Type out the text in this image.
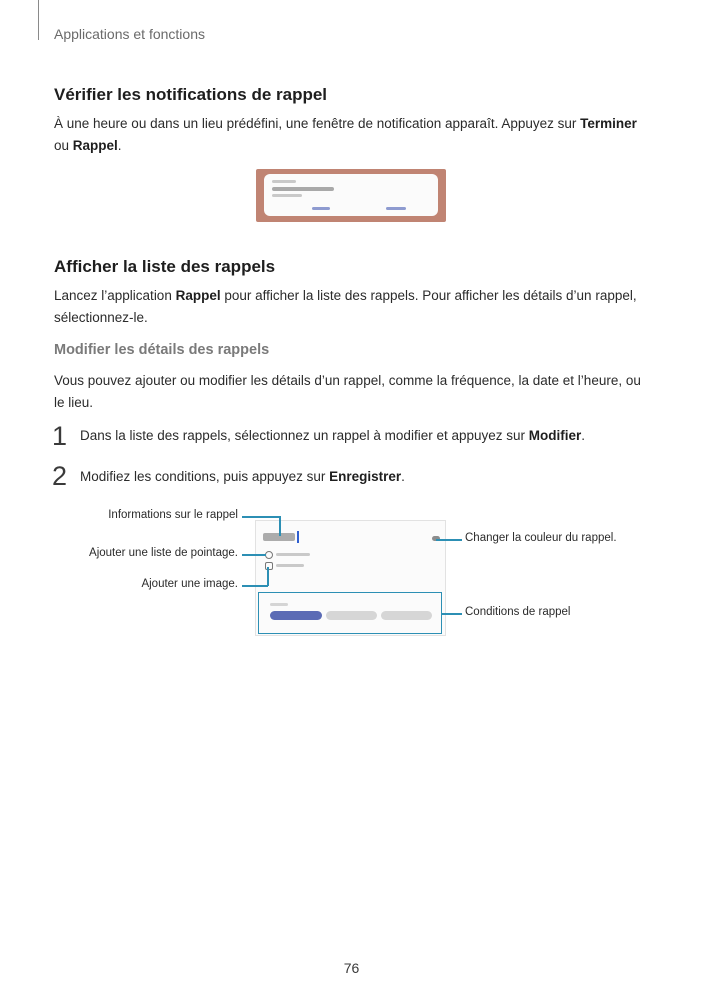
Applications et fonctions
Vérifier les notifications de rappel

À une heure ou dans un lieu prédéfini, une fenêtre de notification apparaît. Appuyez sur Terminer ou Rappel.

Afficher la liste des rappels

Lancez l’application Rappel pour afficher la liste des rappels. Pour afficher les détails d’un rappel, sélectionnez-le.

Modifier les détails des rappels

Vous pouvez ajouter ou modifier les détails d’un rappel, comme la fréquence, la date et l’heure, ou le lieu.

1 Dans la liste des rappels, sélectionnez un rappel à modifier et appuyez sur Modifier.
2 Modifiez les conditions, puis appuyez sur Enregistrer.
Informations sur le rappel
Ajouter une liste de pointage.
Ajouter une image.
Changer la couleur du rappel.
Conditions de rappel
76
